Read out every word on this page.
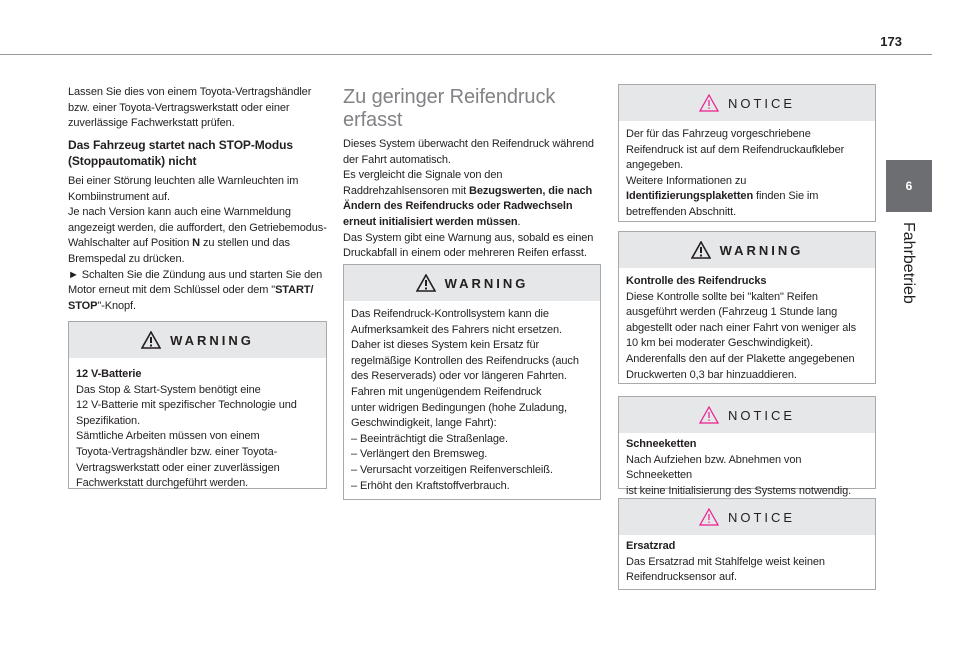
173
6
Fahrbetrieb

Lassen Sie dies von einem Toyota-Vertragshändler

bzw. einer Toyota-Vertragswerkstatt oder einer

zuverlässige Fachwerkstatt prüfen.

Das Fahrzeug startet nach STOP-Modus

(Stoppautomatik) nicht

Bei einer Störung leuchten alle Warnleuchten im

Kombiinstrument auf.

Je nach Version kann auch eine Warnmeldung

angezeigt werden, die auffordert, den Getriebemodus-

Wahlschalter auf Position N zu stellen und das

Bremspedal zu drücken.

► Schalten Sie die Zündung aus und starten Sie den

Motor erneut mit dem Schlüssel oder dem "START/

STOP"-Knopf.

WARNING

12 V-Batterie

Das Stop & Start-System benötigt eine

12 V-Batterie mit spezifischer Technologie und

Spezifikation.

Sämtliche Arbeiten müssen von einem

Toyota-Vertragshändler bzw. einer Toyota-

Vertragswerkstatt oder einer zuverlässigen

Fachwerkstatt durchgeführt werden.

Zu geringer Reifendruck

erfasst

Dieses System überwacht den Reifendruck während

der Fahrt automatisch.

Es vergleicht die Signale von den

Raddrehzahlsensoren mit Bezugswerten, die nach

Ändern des Reifendrucks oder Radwechseln

erneut initialisiert werden müssen.

Das System gibt eine Warnung aus, sobald es einen

Druckabfall in einem oder mehreren Reifen erfasst.

WARNING

Das Reifendruck-Kontrollsystem kann die

Aufmerksamkeit des Fahrers nicht ersetzen.

Daher ist dieses System kein Ersatz für

regelmäßige Kontrollen des Reifendrucks (auch

des Reserverads) oder vor längeren Fahrten.

Fahren mit ungenügendem Reifendruck

unter widrigen Bedingungen (hohe Zuladung,

Geschwindigkeit, lange Fahrt):

– Beeinträchtigt die Straßenlage.

– Verlängert den Bremsweg.

– Verursacht vorzeitigen Reifenverschleiß.

– Erhöht den Kraftstoffverbrauch.

NOTICE

Der für das Fahrzeug vorgeschriebene

Reifendruck ist auf dem Reifendruckaufkleber

angegeben.

Weitere Informationen zu

Identifizierungsplaketten finden Sie im

betreffenden Abschnitt.

WARNING

Kontrolle des Reifendrucks

Diese Kontrolle sollte bei "kalten" Reifen

ausgeführt werden (Fahrzeug 1 Stunde lang

abgestellt oder nach einer Fahrt von weniger als

10 km bei moderater Geschwindigkeit).

Anderenfalls den auf der Plakette angegebenen

Druckwerten 0,3 bar hinzuaddieren.

NOTICE

Schneeketten

Nach Aufziehen bzw. Abnehmen von Schneeketten

ist keine Initialisierung des Systems notwendig.

NOTICE

Ersatzrad

Das Ersatzrad mit Stahlfelge weist keinen

Reifendrucksensor auf.
